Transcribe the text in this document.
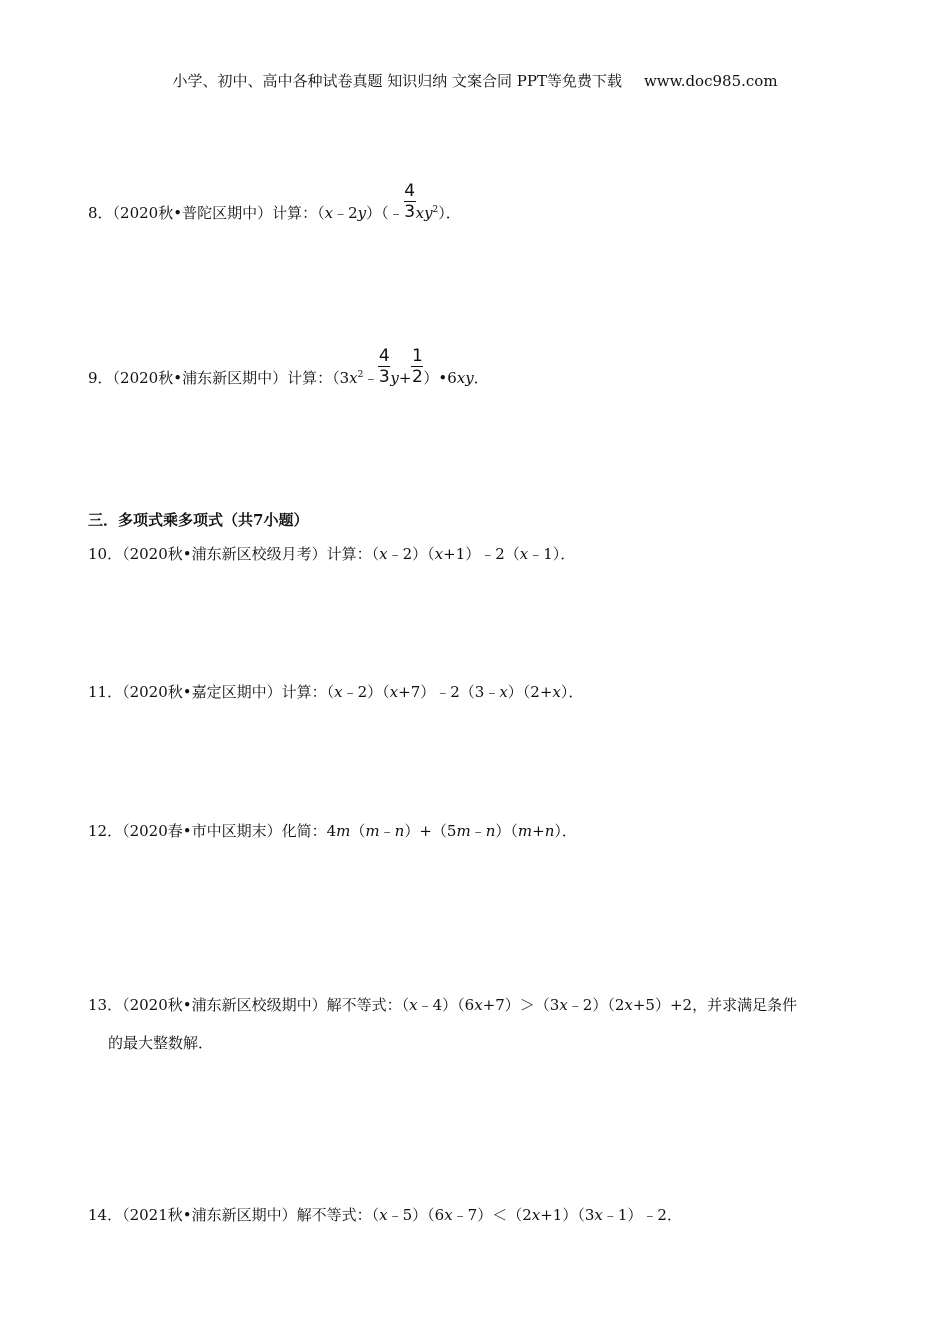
小学、初中、高中各种试卷真题 知识归纳 文案合同 PPT等免费下载 www.doc985.com
8．（2020秋•普陀区期中）计算：（x﹣2y）（﹣ $\frac{4}{3} xy^2$）．
9．（2020秋•浦东新区期中）计算：（$3x^2﹣ \frac{4}{3} y+ \frac{1}{2}$ ）•6xy．
三．多项式乘多项式（共7小题）
10．（2020秋•浦东新区校级月考）计算：（x﹣2）（x+1）﹣2（x﹣1）．
11．（2020秋•嘉定区期中）计算：（x﹣2）（x+7）﹣2（3﹣x）（2+x）．
12．（2020春•市中区期末）化简：4m（m﹣n）+（5m﹣n）（m+n）．
13．（2020秋•浦东新区校级期中）解不等式：（x﹣4）（6x+7）＞（3x﹣2）（2x+5）+2，并求满足条件
的最大整数解．
14．（2021秋•浦东新区期中）解不等式：（x﹣5）（6x﹣7）＜（2x+1）（3x﹣1）﹣2．
